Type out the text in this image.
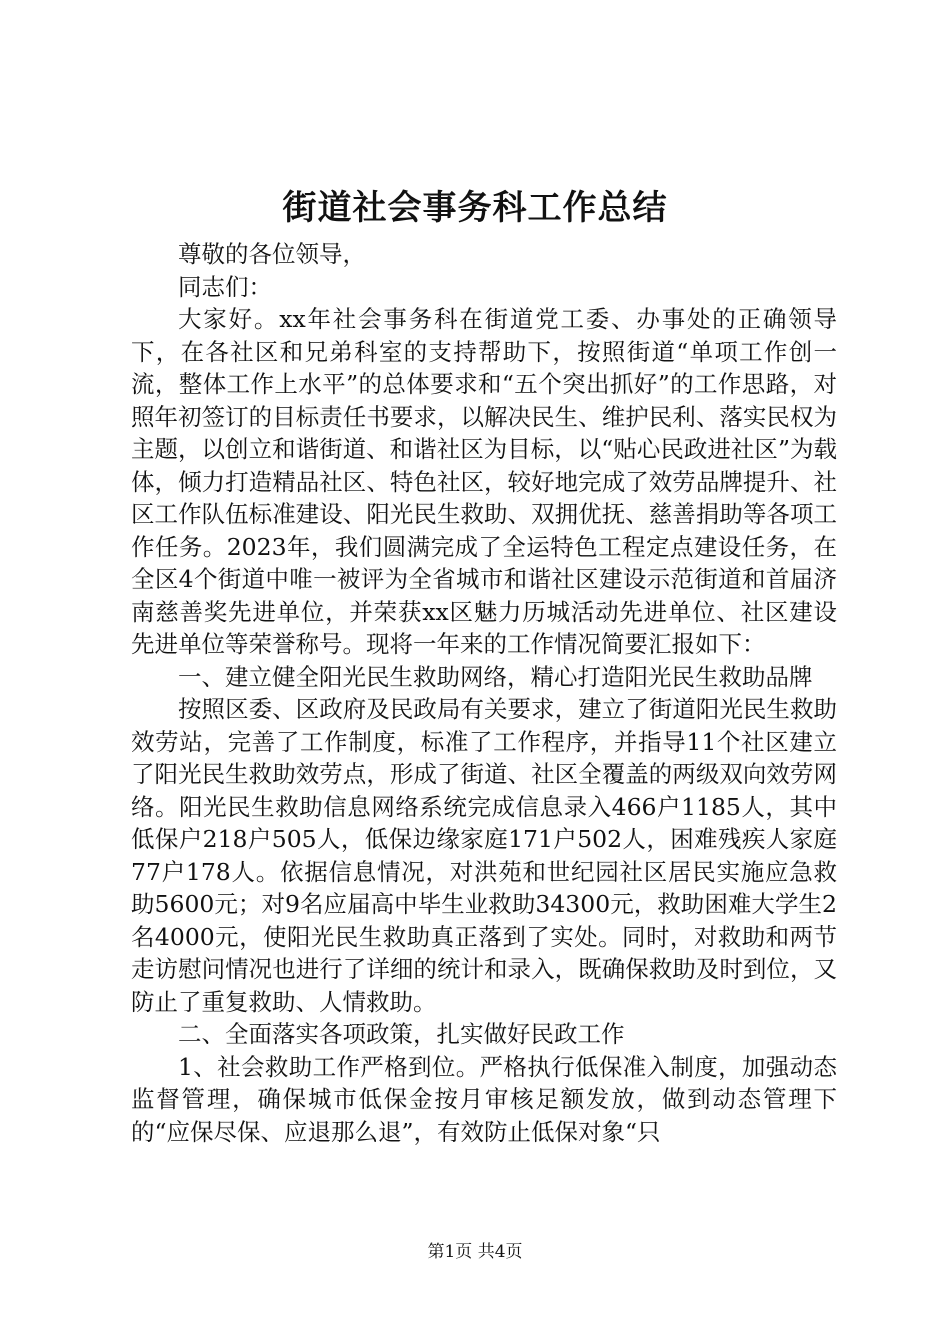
街道社会事务科工作总结

尊敬的各位领导，

同志们：

大家好。xx年社会事务科在街道党工委、办事处的正确领导下，在各社区和兄弟科室的支持帮助下，按照街道“单项工作创一流，整体工作上水平”的总体要求和“五个突出抓好”的工作思路，对照年初签订的目标责任书要求，以解决民生、维护民利、落实民权为主题，以创立和谐街道、和谐社区为目标，以“贴心民政进社区”为载体，倾力打造精品社区、特色社区，较好地完成了效劳品牌提升、社区工作队伍标准建设、阳光民生救助、双拥优抚、慈善捐助等各项工作任务。2023年，我们圆满完成了全运特色工程定点建设任务，在全区4个街道中唯一被评为全省城市和谐社区建设示范街道和首届济南慈善奖先进单位，并荣获xx区魅力历城活动先进单位、社区建设先进单位等荣誉称号。现将一年来的工作情况简要汇报如下：

一、建立健全阳光民生救助网络，精心打造阳光民生救助品牌

按照区委、区政府及民政局有关要求，建立了街道阳光民生救助效劳站，完善了工作制度，标准了工作程序，并指导11个社区建立了阳光民生救助效劳点，形成了街道、社区全覆盖的两级双向效劳网络。阳光民生救助信息网络系统完成信息录入466户1185人，其中低保户218户505人，低保边缘家庭171户502人，困难残疾人家庭77户178人。依据信息情况，对洪苑和世纪园社区居民实施应急救助5600元；对9名应届高中毕生业救助34300元，救助困难大学生2名4000元，使阳光民生救助真正落到了实处。同时，对救助和两节走访慰问情况也进行了详细的统计和录入，既确保救助及时到位，又防止了重复救助、人情救助。

二、全面落实各项政策，扎实做好民政工作

1、社会救助工作严格到位。严格执行低保准入制度，加强动态监督管理，确保城市低保金按月审核足额发放，做到动态管理下的“应保尽保、应退那么退”，有效防止低保对象“只

第1页 共4页
